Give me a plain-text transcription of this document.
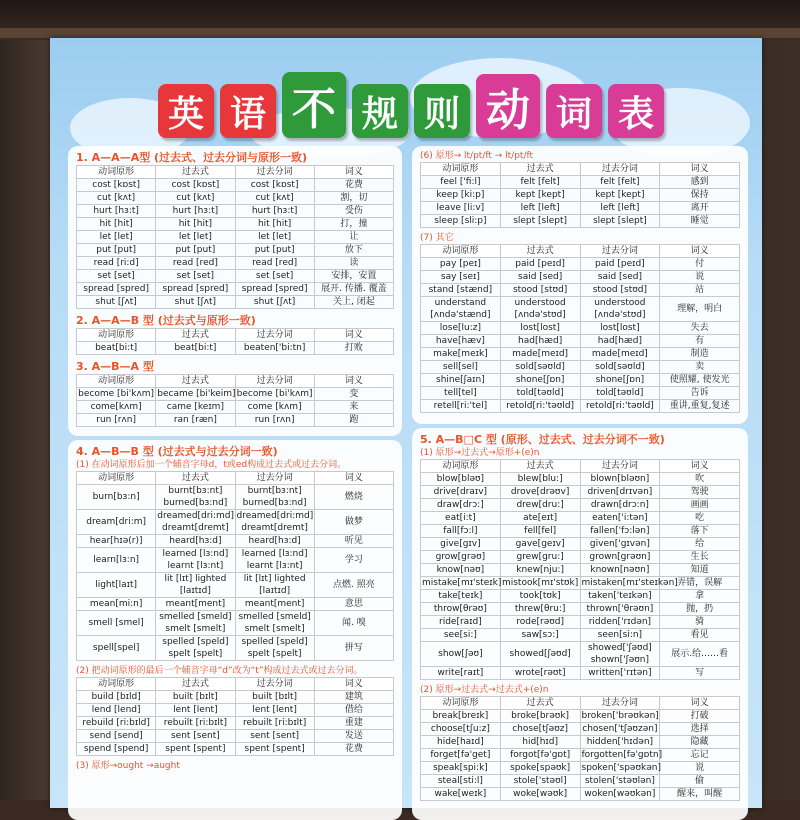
英 语 不 规 则 动 词 表
1. A—A—A型 (过去式、过去分词与原形一致)
动词原形	过去式	过去分词	词义
cost [kɒst]	cost [kɒst]	cost [kɒst]	花费
cut [kʌt]	cut [kʌt]	cut [kʌt]	割，切
hurt [hɜ:t]	hurt [hɜ:t]	hurt [hɜ:t]	受伤
hit [hit]	hit [hit]	hit [hit]	打，撞
let [let]	let [let]	let [let]	让
put [put]	put [put]	put [put]	放下
read [ri:d]	read [red]	read [red]	读
set [set]	set [set]	set [set]	安排，安置
spread [spred]	spread [spred]	spread [spred]	展开. 传播. 覆盖
shut [ʃʌt]	shut [ʃʌt]	shut [ʃʌt]	关上, 闭起
2. A—A—B 型 (过去式与原形一致)
动词原形	过去式	过去分词	词义
beat[bi:t]	beat[bi:t]	beaten['bi:tn]	打败
3. A—B—A 型
动词原形	过去式	过去分词	词义
become [bi'kʌm]	became [bi'keim]	become [bi'kʌm]	变
come[kʌm]	came [keɪm]	come [kʌm]	来
run [rʌn]	ran [ræn]	run [rʌn]	跑
4. A—B—B 型 (过去式与过去分词一致)
(1) 在动词原形后加一个辅音字母d，t或ed构成过去式或过去分词。
动词原形	过去式	过去分词	词义
burn[bɜ:n]	burnt[bɜ:nt] burned[bɜ:nd]	burnt[bɜ:nt] burned[bɜ:nd]	燃烧
dream[dri:m]	dreamed[dri:md] dreamt[dremt]	dreamed[dri:md] dreamt[dremt]	做梦
hear[hɪə(r)]	heard[hɜ:d]	heard[hɜ:d]	听见
learn[lɜ:n]	learned [lɜ:nd] learnt [lɜ:nt]	learned [lɜ:nd] learnt [lɜ:nt]	学习
light[laɪt]	lit [lɪt] lighted [laɪtɪd]	lit [lɪt] lighted [laɪtɪd]	点燃. 照亮
mean[mi:n]	meant[ment]	meant[ment]	意思
smell [smel]	smelled [smeld] smelt [smelt]	smelled [smeld] smelt [smelt]	闻. 嗅
spell[spel]	spelled [speld] spelt [spelt]	spelled [speld] spelt [spelt]	拼写
(2) 把动词原形的最后一个辅音字母“d”改为“t”构成过去式或过去分词。
动词原形	过去式	过去分词	词义
build [bɪld]	built [bɪlt]	built [bɪlt]	建筑
lend [lend]	lent [lent]	lent [lent]	借给
rebuild [ri:bɪld]	rebuilt [ri:bɪlt]	rebuilt [ri:bɪlt]	重建
send [send]	sent [sent]	sent [sent]	发送
spend [spend]	spent [spent]	spent [spent]	花费
(3) 原形→ought →aught
(6) 原形→ lt/pt/ft → lt/pt/ft
动词原形	过去式	过去分词	词义
feel ['fi:l]	felt [felt]	felt [felt]	感到
keep [ki:p]	kept [kept]	kept [kept]	保持
leave [li:v]	left [left]	left [left]	离开
sleep [sli:p]	slept [slept]	slept [slept]	睡觉
(7) 其它
动词原形	过去式	过去分词	词义
pay [peɪ]	paid [peɪd]	paid [peɪd]	付
say [seɪ]	said [sed]	said [sed]	说
stand [stænd]	stood [stʊd]	stood [stʊd]	站
understand [ʌndə'stænd]	understood [ʌndə'stʊd]	understood [ʌndə'stʊd]	理解，明白
lose[lu:z]	lost[lost]	lost[lost]	失去
have[hæv]	had[hæd]	had[hæd]	有
make[meɪk]	made[meɪd]	made[meɪd]	制造
sell[sel]	sold[səʊld]	sold[səʊld]	卖
shine[ʃaɪn]	shone[ʃɒn]	shone[ʃɒn]	使照耀, 使发光
tell[tel]	told[təʊld]	told[təʊld]	告诉
retell[ri:'tel]	retold[ri:'təʊld]	retold[ri:'təʊld]	重讲,重复,复述
5. A—B□C 型 (原形、过去式、过去分词不一致)
(1) 原形→过去式→原形+(e)n
动词原形	过去式	过去分词	词义
blow[bləʊ]	blew[blu:]	blown[bləʊn]	吹
drive[draɪv]	drove[drəʊv]	driven[drɪvən]	驾驶
draw[drɔ:]	drew[dru:]	drawn[drɔ:n]	画画
eat[i:t]	ate[eɪt]	eaten['i:tən]	吃
fall[fɔ:l]	fell[fel]	fallen['fɔ:lən]	落下
give[gɪv]	gave[geɪv]	given['gɪvən]	给
grow[grəʊ]	grew[gru:]	grown[grəʊn]	生长
know[nəʊ]	knew[nju:]	known[nəʊn]	知道
mistake[mɪ'steɪk]	mistook[mɪ'stʊk]	mistaken[mɪ'steɪkən]	弄错，误解
take[teɪk]	took[tʊk]	taken['teɪkən]	拿
throw[θrəʊ]	threw[θru:]	thrown['θrəʊn]	抛，扔
ride[raɪd]	rode[rəʊd]	ridden['rɪdən]	骑
see[si:]	saw[sɔ:]	seen[si:n]	看见
show[ʃəʊ]	showed[ʃəʊd]	showed['ʃəʊd] shown['ʃəʊn]	展示.给……看
write[raɪt]	wrote[rəʊt]	written['rɪtən]	写
(2) 原形→过去式→过去式+(e)n
动词原形	过去式	过去分词	词义
break[breɪk]	broke[brəʊk]	broken['brəʊkən]	打破
choose[tʃu:z]	chose[tʃəʊz]	chosen['tʃəʊzən]	选择
hide[haɪd]	hid[hɪd]	hidden['hɪdən]	隐藏
forget[fə'get]	forgot[fə'gɒt]	forgotten[fə'gɒtn]	忘记
speak[spi:k]	spoke[spəʊk]	spoken['spəʊkən]	说
steal[sti:l]	stole['stəʊl]	stolen['stəʊlən]	偷
wake[weɪk]	woke[wəʊk]	woken[wəʊkən]	醒来，叫醒
